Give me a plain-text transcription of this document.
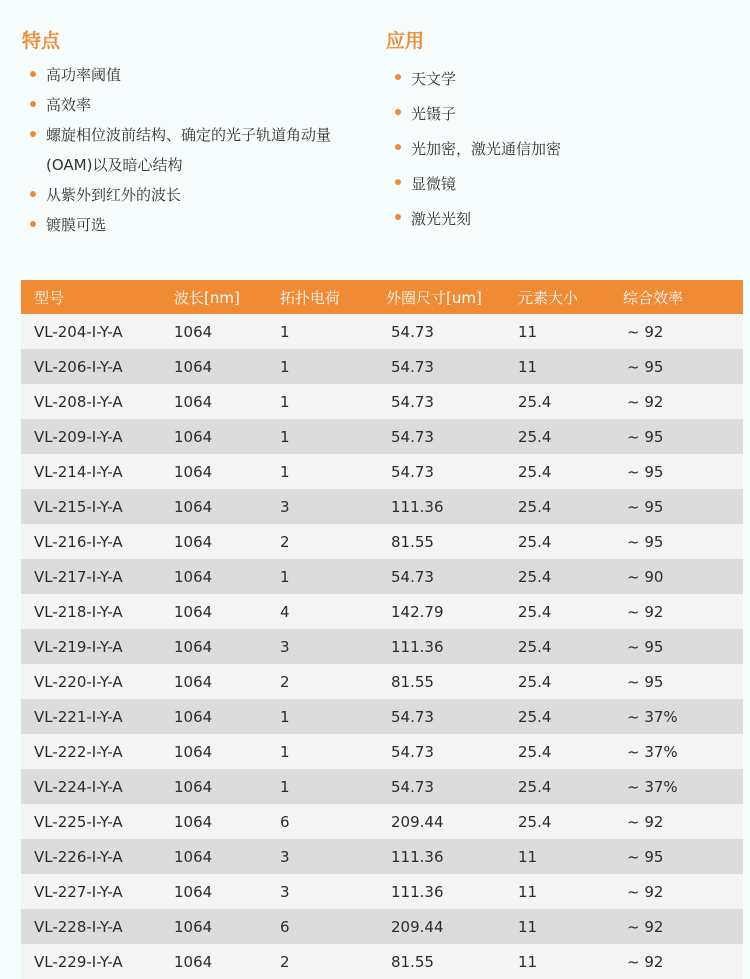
特点
高功率阈值
高效率
螺旋相位波前结构、确定的光子轨道角动量
(OAM)以及暗心结构
从紫外到红外的波长
镀膜可选
应用
天文学
光镊子
光加密，激光通信加密
显微镜
激光光刻
型号	波长[nm]	拓扑电荷	外圈尺寸[um]	元素大小	综合效率
VL-204-I-Y-A	1064	1	54.73	11	~ 92
VL-206-I-Y-A	1064	1	54.73	11	~ 95
VL-208-I-Y-A	1064	1	54.73	25.4	~ 92
VL-209-I-Y-A	1064	1	54.73	25.4	~ 95
VL-214-I-Y-A	1064	1	54.73	25.4	~ 95
VL-215-I-Y-A	1064	3	111.36	25.4	~ 95
VL-216-I-Y-A	1064	2	81.55	25.4	~ 95
VL-217-I-Y-A	1064	1	54.73	25.4	~ 90
VL-218-I-Y-A	1064	4	142.79	25.4	~ 92
VL-219-I-Y-A	1064	3	111.36	25.4	~ 95
VL-220-I-Y-A	1064	2	81.55	25.4	~ 95
VL-221-I-Y-A	1064	1	54.73	25.4	~ 37%
VL-222-I-Y-A	1064	1	54.73	25.4	~ 37%
VL-224-I-Y-A	1064	1	54.73	25.4	~ 37%
VL-225-I-Y-A	1064	6	209.44	25.4	~ 92
VL-226-I-Y-A	1064	3	111.36	11	~ 95
VL-227-I-Y-A	1064	3	111.36	11	~ 92
VL-228-I-Y-A	1064	6	209.44	11	~ 92
VL-229-I-Y-A	1064	2	81.55	11	~ 92
